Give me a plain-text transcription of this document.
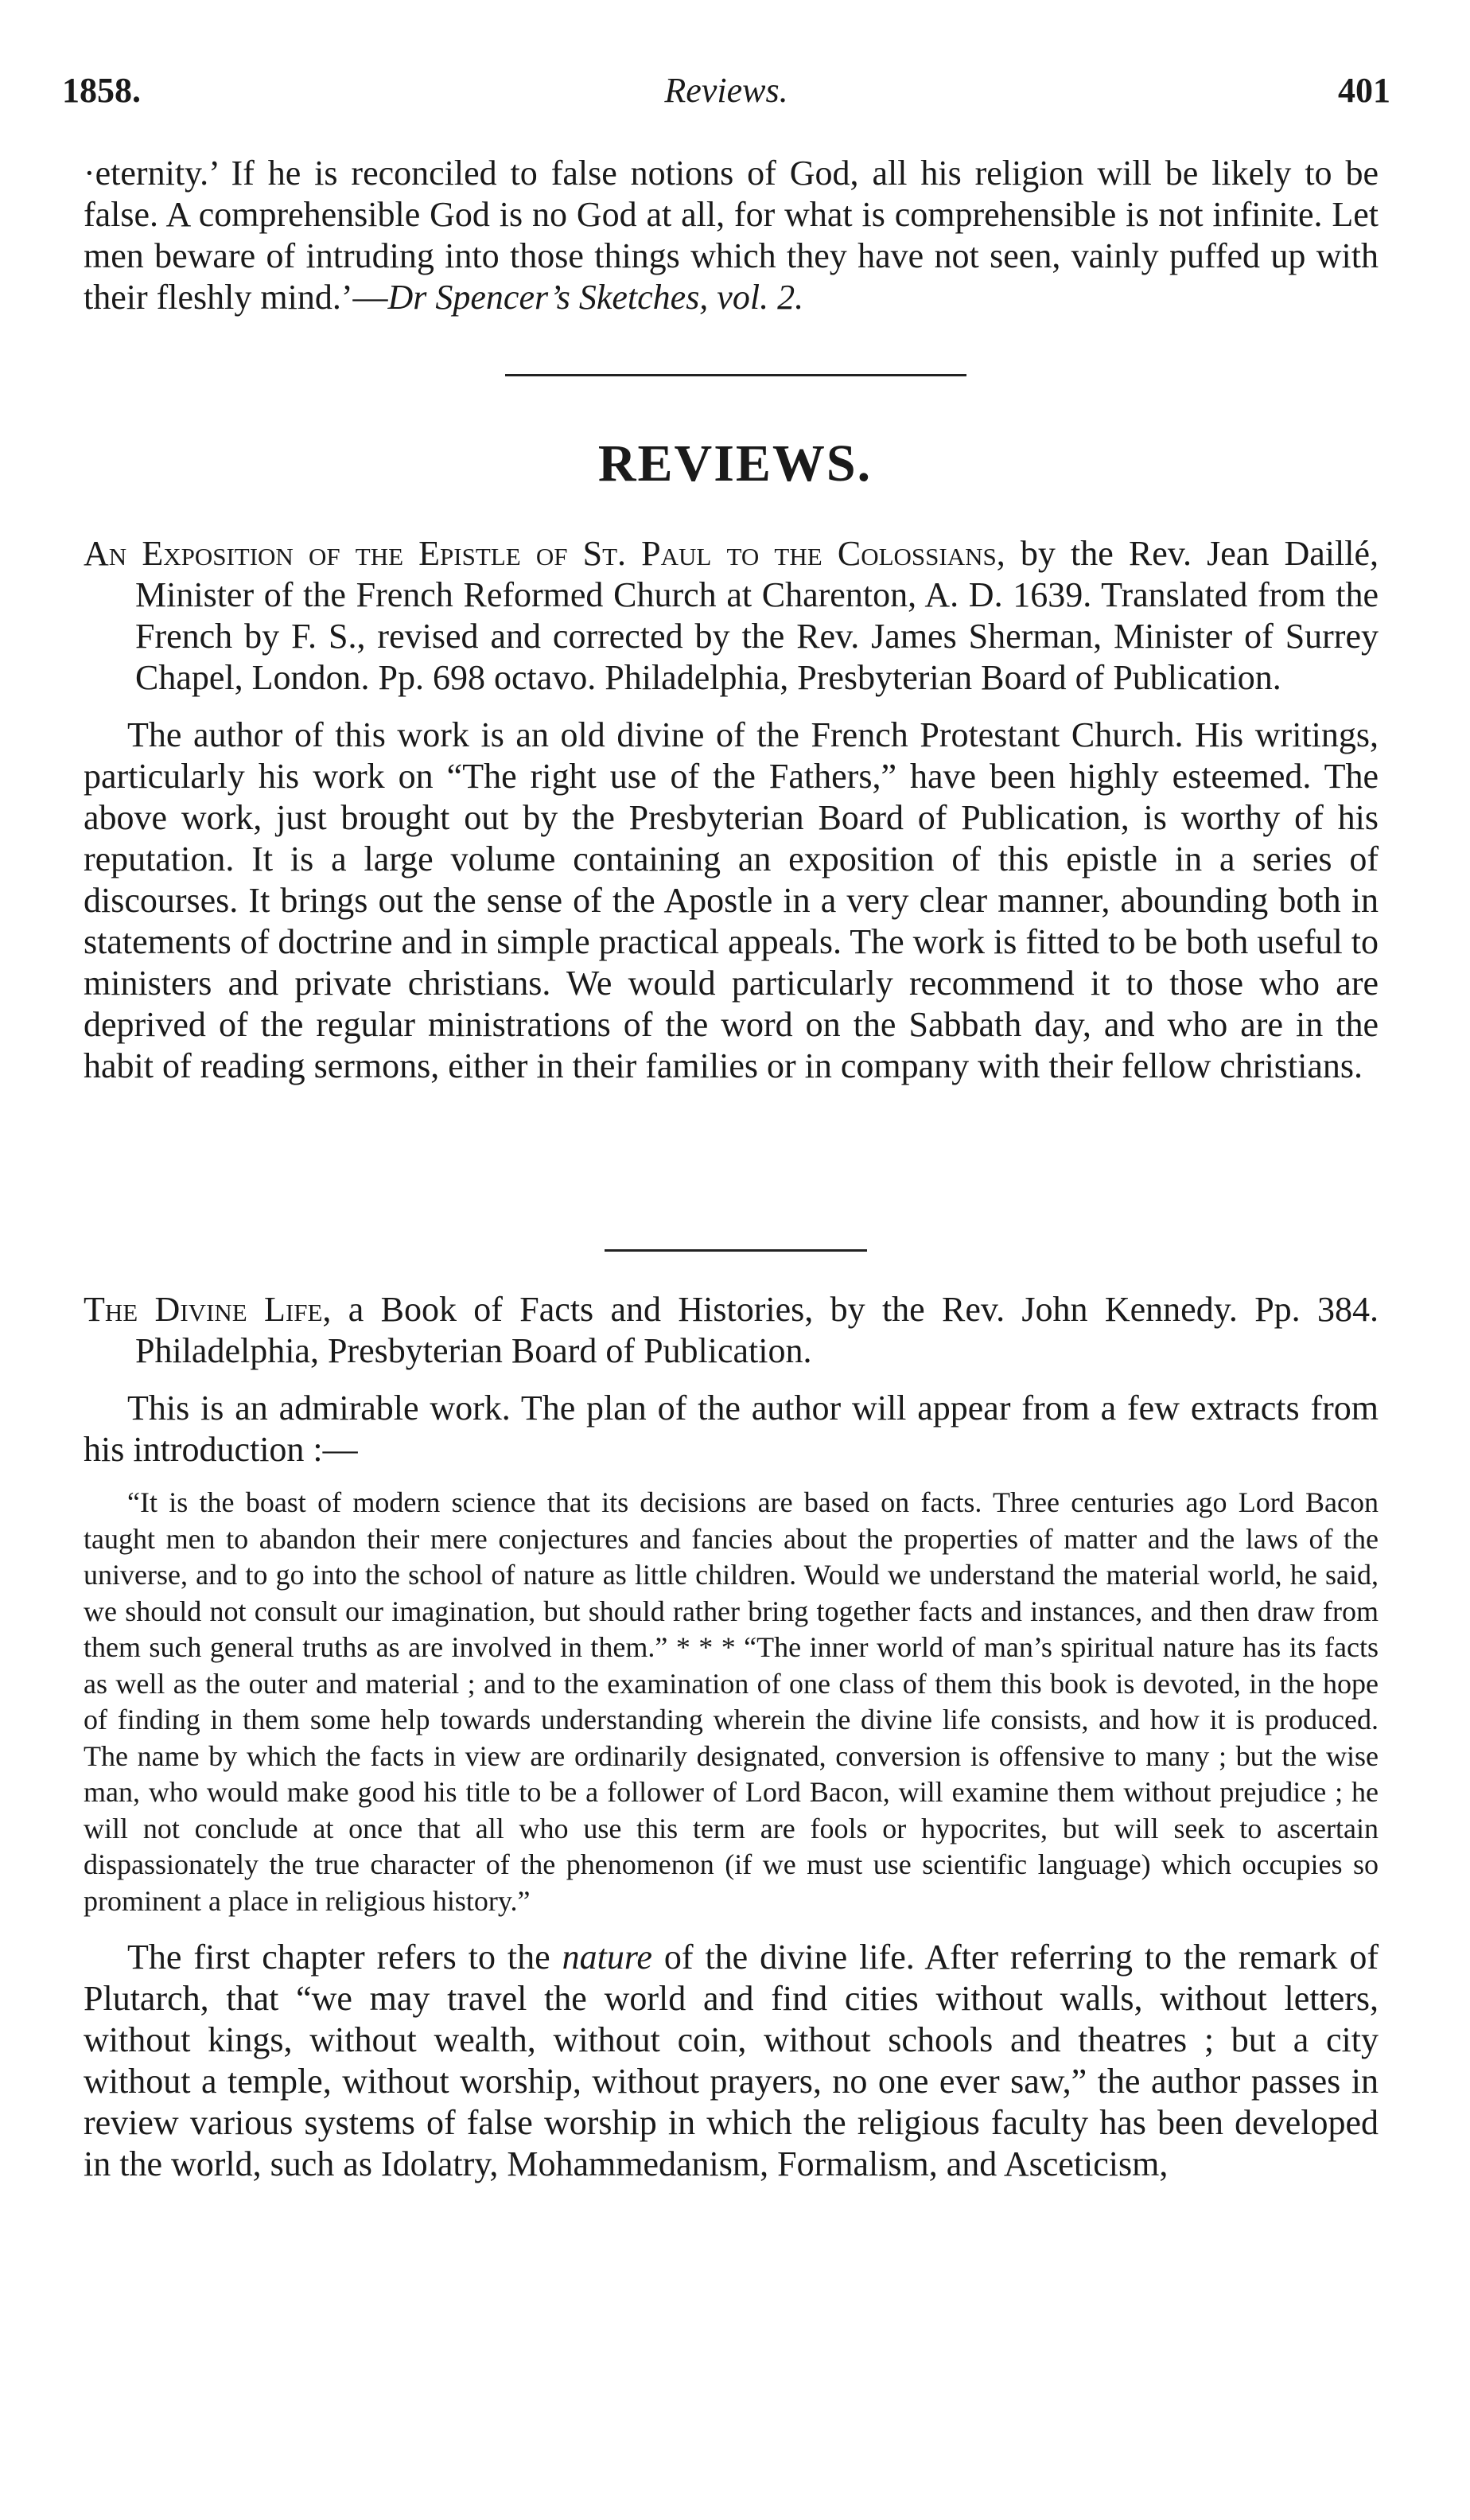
1858.	Reviews.	401

·eternity.’ If he is reconciled to false notions of God, all his religion will be likely to be false. A comprehensible God is no God at all, for what is comprehensible is not infinite. Let men beware of intruding into those things which they have not seen, vainly puffed up with their fleshly mind.’—Dr Spencer’s Sketches, vol. 2.

REVIEWS.

An Exposition of the Epistle of St. Paul to the Colossians, by the Rev. Jean Daillé, Minister of the French Reformed Church at Charenton, A. D. 1639. Translated from the French by F. S., revised and corrected by the Rev. James Sherman, Minister of Surrey Chapel, London. Pp. 698 octavo. Philadelphia, Presbyterian Board of Publication.

The author of this work is an old divine of the French Protestant Church. His writings, particularly his work on “The right use of the Fathers,” have been highly esteemed. The above work, just brought out by the Presbyterian Board of Publication, is worthy of his reputation. It is a large volume containing an exposition of this epistle in a series of discourses. It brings out the sense of the Apostle in a very clear manner, abounding both in statements of doctrine and in simple practical appeals. The work is fitted to be both useful to ministers and private christians. We would particularly recommend it to those who are deprived of the regular ministrations of the word on the Sabbath day, and who are in the habit of reading sermons, either in their families or in company with their fellow christians.

The Divine Life, a Book of Facts and Histories, by the Rev. John Kennedy. Pp. 384. Philadelphia, Presbyterian Board of Publication.

This is an admirable work. The plan of the author will appear from a few extracts from his introduction :—

“It is the boast of modern science that its decisions are based on facts. Three centuries ago Lord Bacon taught men to abandon their mere conjectures and fancies about the properties of matter and the laws of the universe, and to go into the school of nature as little children. Would we understand the material world, he said, we should not consult our imagination, but should rather bring together facts and instances, and then draw from them such general truths as are involved in them.” * * * “The inner world of man’s spiritual nature has its facts as well as the outer and material ; and to the examination of one class of them this book is devoted, in the hope of finding in them some help towards understanding wherein the divine life consists, and how it is produced. The name by which the facts in view are ordinarily designated, conversion is offensive to many ; but the wise man, who would make good his title to be a follower of Lord Bacon, will examine them without prejudice ; he will not conclude at once that all who use this term are fools or hypocrites, but will seek to ascertain dispassionately the true character of the phenomenon (if we must use scientific language) which occupies so prominent a place in religious history.”

The first chapter refers to the nature of the divine life. After referring to the remark of Plutarch, that “we may travel the world and find cities without walls, without letters, without kings, without wealth, without coin, without schools and theatres ; but a city without a temple, without worship, without prayers, no one ever saw,” the author passes in review various systems of false worship in which the religious faculty has been developed in the world, such as Idolatry, Mohammedanism, Formalism, and Asceticism,
